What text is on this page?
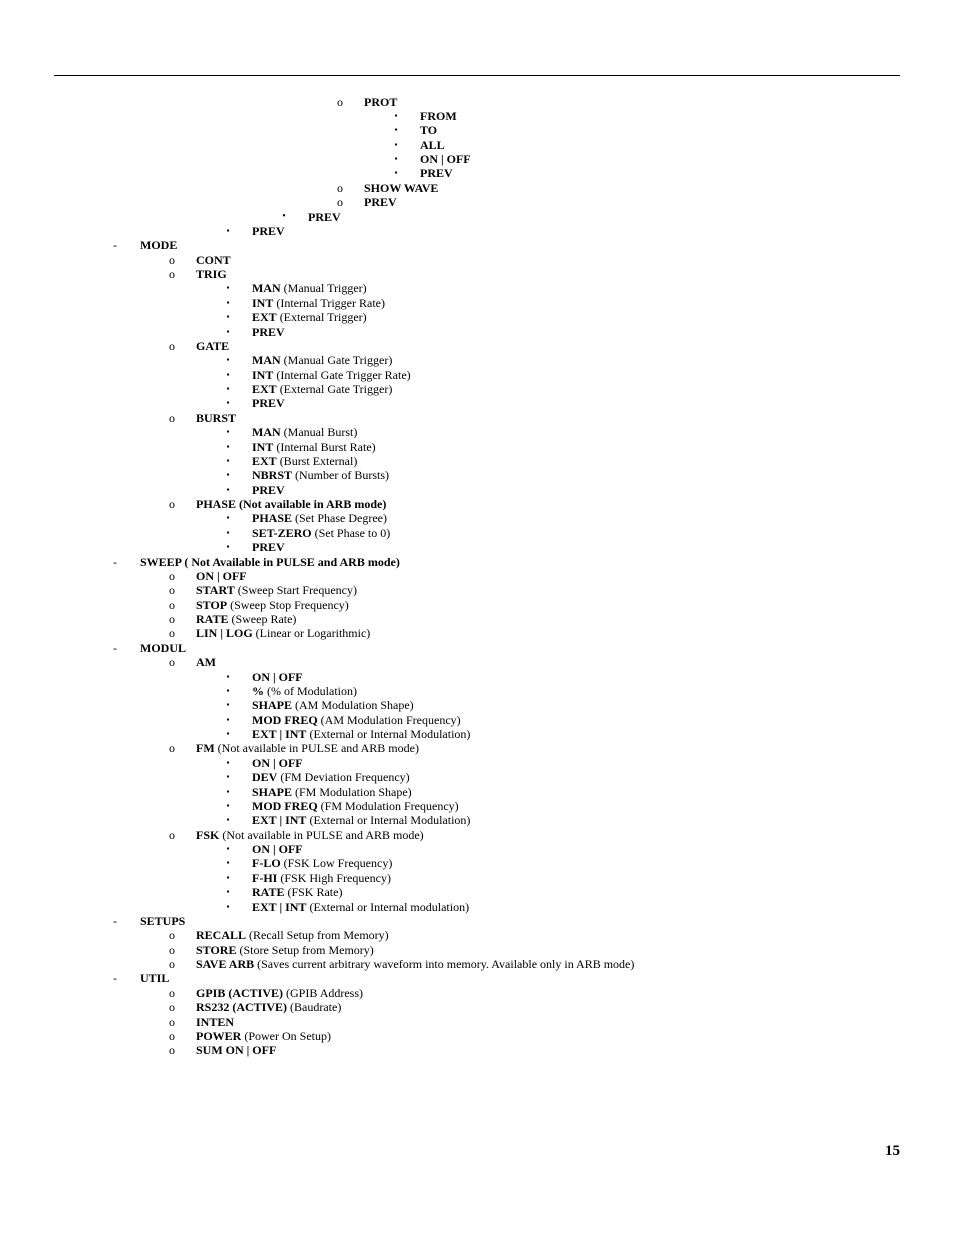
o	PROT
▪	FROM
▪	TO
▪	ALL
▪	ON | OFF
▪	PREV
o	SHOW WAVE
o	PREV
•	PREV
▪	PREV
-	MODE
o	CONT
o	TRIG
▪	MAN (Manual Trigger)
▪	INT (Internal Trigger Rate)
▪	EXT (External Trigger)
▪	PREV
o	GATE
▪	MAN (Manual Gate Trigger)
▪	INT (Internal Gate Trigger Rate)
▪	EXT (External Gate Trigger)
▪	PREV
o	BURST
▪	MAN (Manual Burst)
▪	INT (Internal Burst Rate)
▪	EXT (Burst External)
▪	NBRST (Number of Bursts)
▪	PREV
o	PHASE (Not available in ARB mode)
▪	PHASE (Set Phase Degree)
▪	SET-ZERO (Set Phase to 0)
▪	PREV
-	SWEEP ( Not Available in PULSE and ARB mode)
o	ON | OFF
o	START (Sweep Start Frequency)
o	STOP (Sweep Stop Frequency)
o	RATE (Sweep Rate)
o	LIN | LOG (Linear or Logarithmic)
-	MODUL
o	AM
▪	ON | OFF
▪	% (% of Modulation)
▪	SHAPE (AM Modulation Shape)
▪	MOD FREQ (AM Modulation Frequency)
▪	EXT | INT (External or Internal Modulation)
o	FM (Not available in PULSE and ARB mode)
▪	ON | OFF
▪	DEV (FM Deviation Frequency)
▪	SHAPE (FM Modulation Shape)
▪	MOD FREQ (FM Modulation Frequency)
▪	EXT | INT (External or Internal Modulation)
o	FSK (Not available in PULSE and ARB mode)
▪	ON | OFF
▪	F-LO (FSK Low Frequency)
▪	F-HI (FSK High Frequency)
▪	RATE (FSK Rate)
▪	EXT | INT (External or Internal modulation)
-	SETUPS
o	RECALL (Recall Setup from Memory)
o	STORE (Store Setup from Memory)
o	SAVE ARB (Saves current arbitrary waveform into memory. Available only in ARB mode)
-	UTIL
o	GPIB (ACTIVE) (GPIB Address)
o	RS232 (ACTIVE) (Baudrate)
o	INTEN
o	POWER (Power On Setup)
o	SUM ON | OFF
15
